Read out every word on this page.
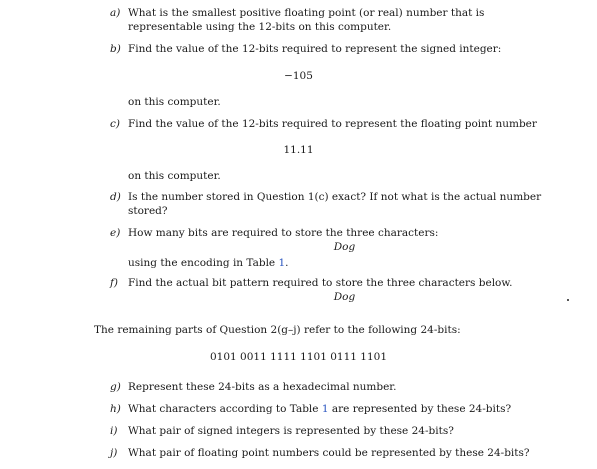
a) What is the smallest positive floating point (or real) number that is representable using the 12-bits on this computer.
b) Find the value of the 12-bits required to represent the signed integer:
−105
on this computer.
c) Find the value of the 12-bits required to represent the floating point number
11.11
on this computer.
d) Is the number stored in Question 1(c) exact? If not what is the actual number stored?
e) How many bits are required to store the three characters:
Dog
using the encoding in Table 1.
f) Find the actual bit pattern required to store the three characters below.
Dog
The remaining parts of Question 2(g–j) refer to the following 24-bits:
0101 0011 1111 1101 0111 1101
g) Represent these 24-bits as a hexadecimal number.
h) What characters according to Table 1 are represented by these 24-bits?
i) What pair of signed integers is represented by these 24-bits?
j) What pair of floating point numbers could be represented by these 24-bits?
